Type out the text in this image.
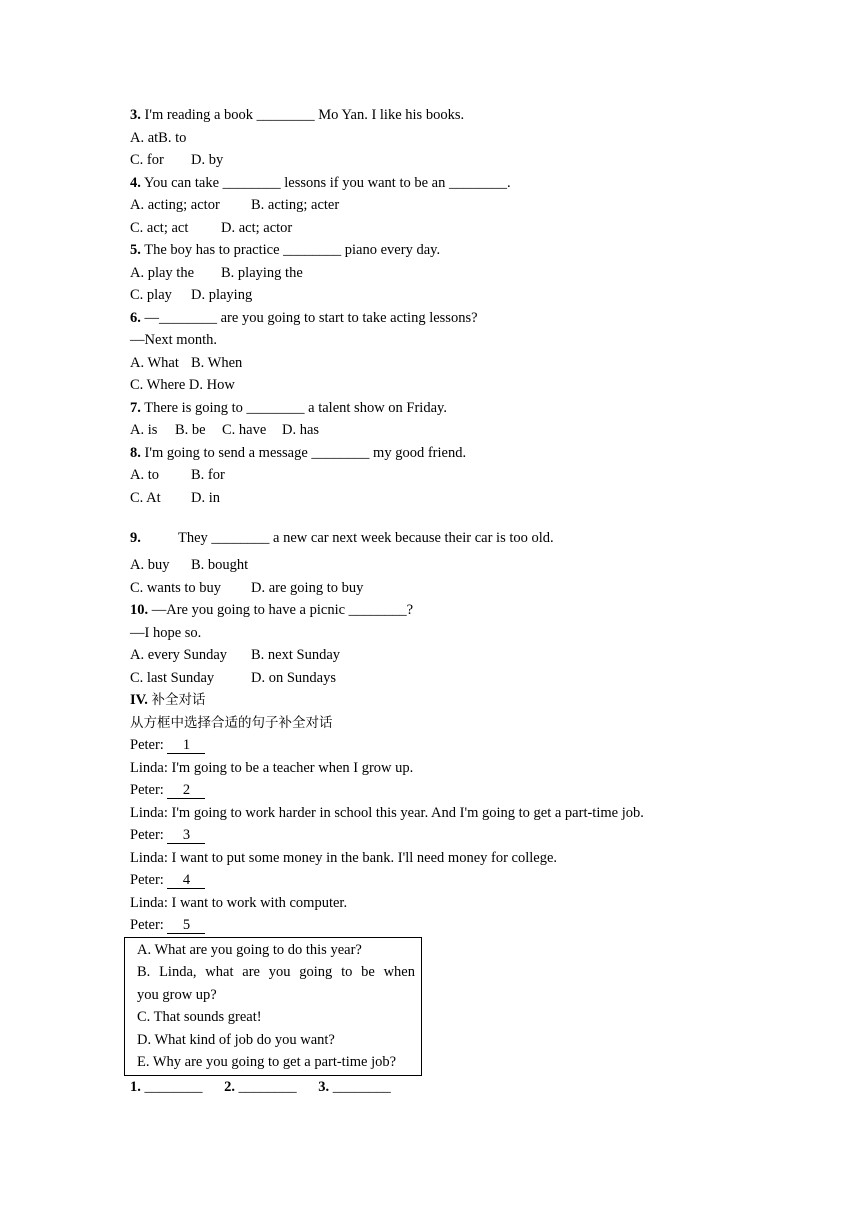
3. I'm reading a book ________ Mo Yan. I like his books.
A. atB. to
C. for D. by
4. You can take ________ lessons if you want to be an ________.
A. acting; actor B. acting; acter
C. act; act D. act; actor
5. The boy has to practice ________ piano every day.
A. play the B. playing the
C. play D. playing
6. —________ are you going to start to take acting lessons?
—Next month.
A. What B. When
C. Where D. How
7. There is going to ________ a talent show on Friday.
A. is B. be C. have D. has
8. I'm going to send a message ________ my good friend.
A. to B. for
C. At D. in
9.	They ________ a new car next week because their car is too old.
A. buy B. bought
C. wants to buy D. are going to buy
10. —Are you going to have a picnic ________?
—I hope so.
A. every Sunday B. next Sunday
C. last Sunday	D. on Sundays
IV. 补全对话
从方框中选择合适的句子补全对话
Peter: 1
Linda: I'm going to be a teacher when I grow up.
Peter: 2
Linda: I'm going to work harder in school this year. And I'm going to get a part-time job.
Peter: 3
Linda: I want to put some money in the bank. I'll need money for college.
Peter: 4
Linda: I want to work with computer.
Peter: 5
A. What are you going to do this year?
B. Linda, what are you going to be when
you grow up?
C. That sounds great!
D. What kind of job do you want?
E. Why are you going to get a part-time job?
1. ________ 2. ________ 3. ________
